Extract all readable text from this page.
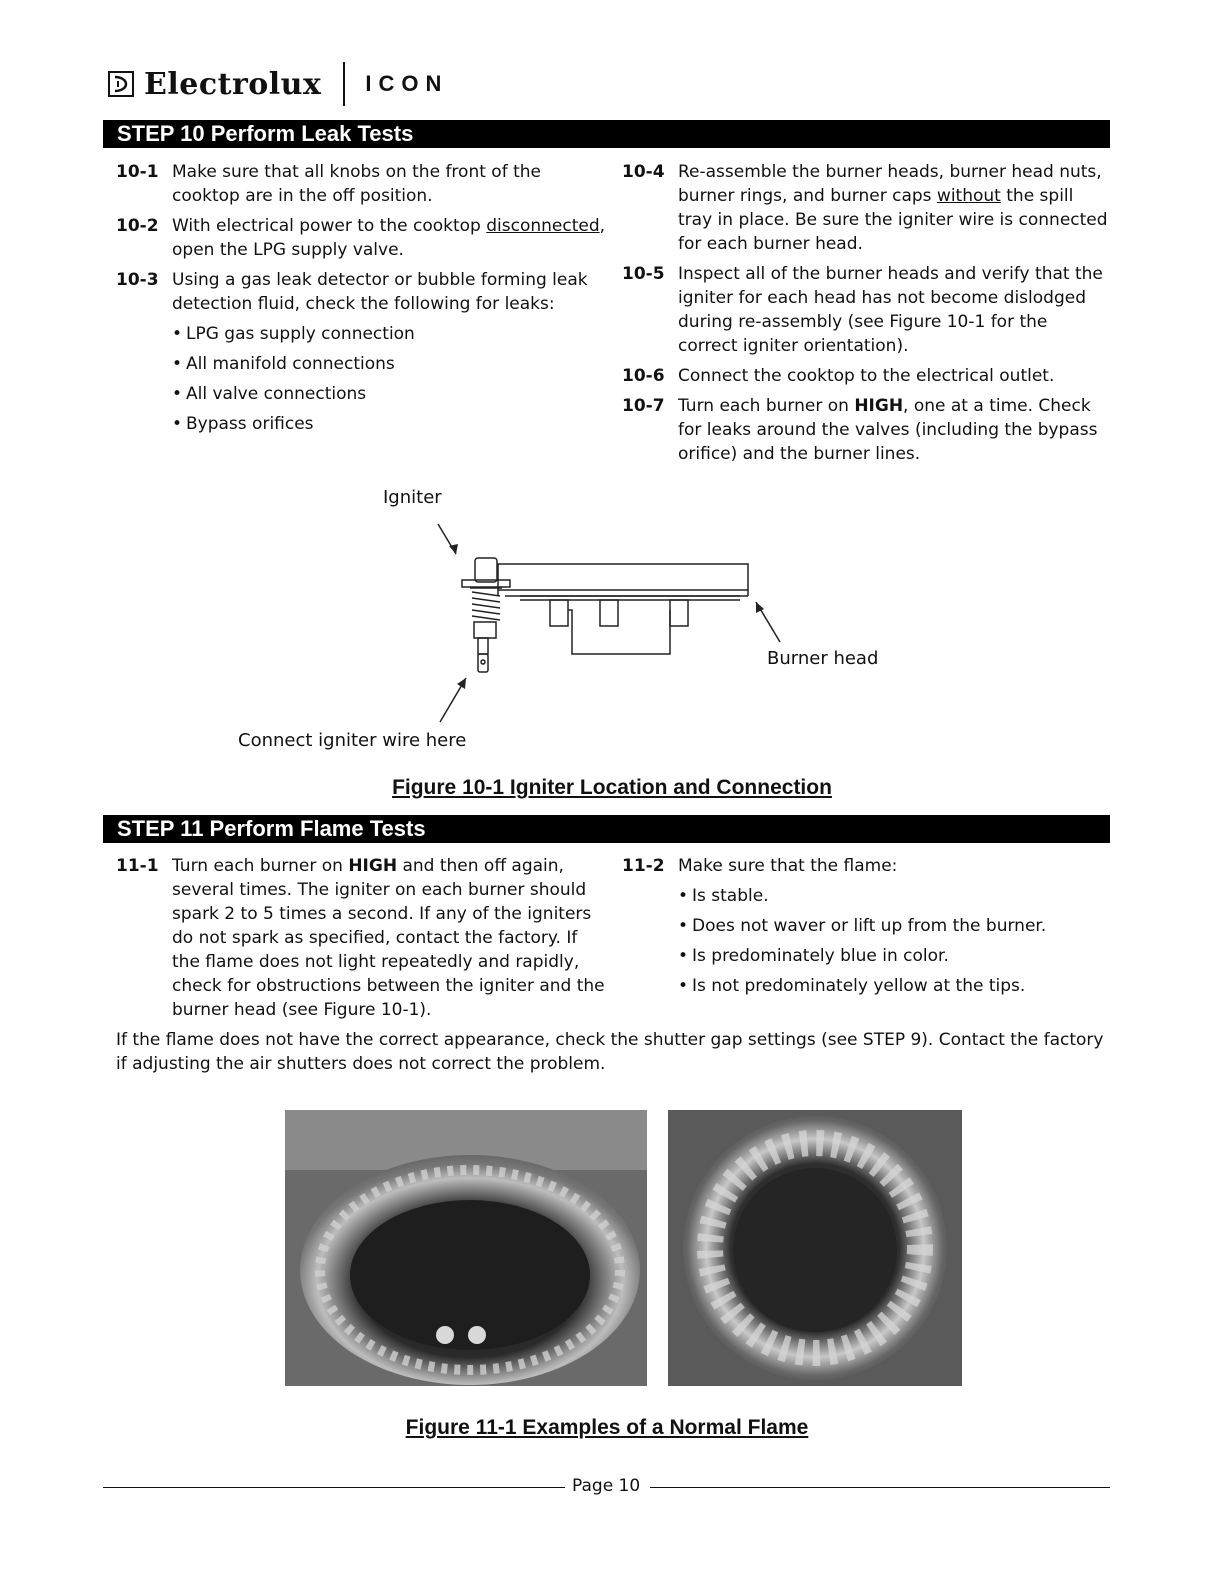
Electrolux ICON
STEP 10 Perform Leak Tests
10-1 Make sure that all knobs on the front of the cooktop are in the off position.
10-2 With electrical power to the cooktop disconnected, open the LPG supply valve.
10-3 Using a gas leak detector or bubble forming leak detection fluid, check the following for leaks:
• LPG gas supply connection
• All manifold connections
• All valve connections
• Bypass orifices
10-4 Re-assemble the burner heads, burner head nuts, burner rings, and burner caps without the spill tray in place. Be sure the igniter wire is connected for each burner head.
10-5 Inspect all of the burner heads and verify that the igniter for each head has not become dislodged during re-assembly (see Figure 10-1 for the correct igniter orientation).
10-6 Connect the cooktop to the electrical outlet.
10-7 Turn each burner on HIGH, one at a time. Check for leaks around the valves (including the bypass orifice) and the burner lines.
Igniter
Burner head
Connect igniter wire here
Figure 10-1 Igniter Location and Connection
STEP 11 Perform Flame Tests
11-1 Turn each burner on HIGH and then off again, several times. The igniter on each burner should spark 2 to 5 times a second. If any of the igniters do not spark as specified, contact the factory. If the flame does not light repeatedly and rapidly, check for obstructions between the igniter and the burner head (see Figure 10-1).
11-2 Make sure that the flame:
• Is stable.
• Does not waver or lift up from the burner.
• Is predominately blue in color.
• Is not predominately yellow at the tips.
If the flame does not have the correct appearance, check the shutter gap settings (see STEP 9). Contact the factory if adjusting the air shutters does not correct the problem.
Figure 11-1 Examples of a Normal Flame
Page 10
